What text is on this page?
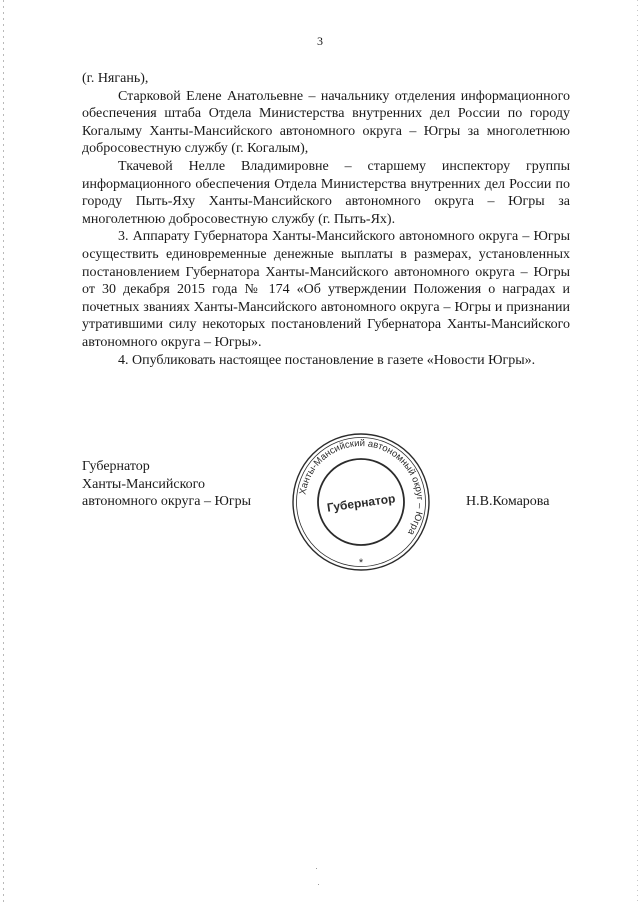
3

(г. Нягань),

Старковой Елене Анатольевне – начальнику отделения информационного обеспечения штаба Отдела Министерства внутренних дел России по городу Когалыму Ханты-Мансийского автономного округа – Югры за многолетнюю добросовестную службу (г. Когалым),

Ткачевой Нелле Владимировне – старшему инспектору группы информационного обеспечения Отдела Министерства внутренних дел России по городу Пыть-Яху Ханты-Мансийского автономного округа – Югры за многолетнюю добросовестную службу (г. Пыть-Ях).

3. Аппарату Губернатора Ханты-Мансийского автономного округа – Югры осуществить единовременные денежные выплаты в размерах, установленных постановлением Губернатора Ханты-Мансийского автономного округа – Югры от 30 декабря 2015 года № 174 «Об утверждении Положения о наградах и почетных званиях Ханты-Мансийского автономного округа – Югры и признании утратившими силу некоторых постановлений Губернатора Ханты-Мансийского автономного округа – Югры».

4. Опубликовать настоящее постановление в газете «Новости Югры».

Губернатор
Ханты-Мансийского
автономного округа – Югры
Ханты-Мансийский автономный округ – Югра
Губернатор
*
Н.В.Комарова
